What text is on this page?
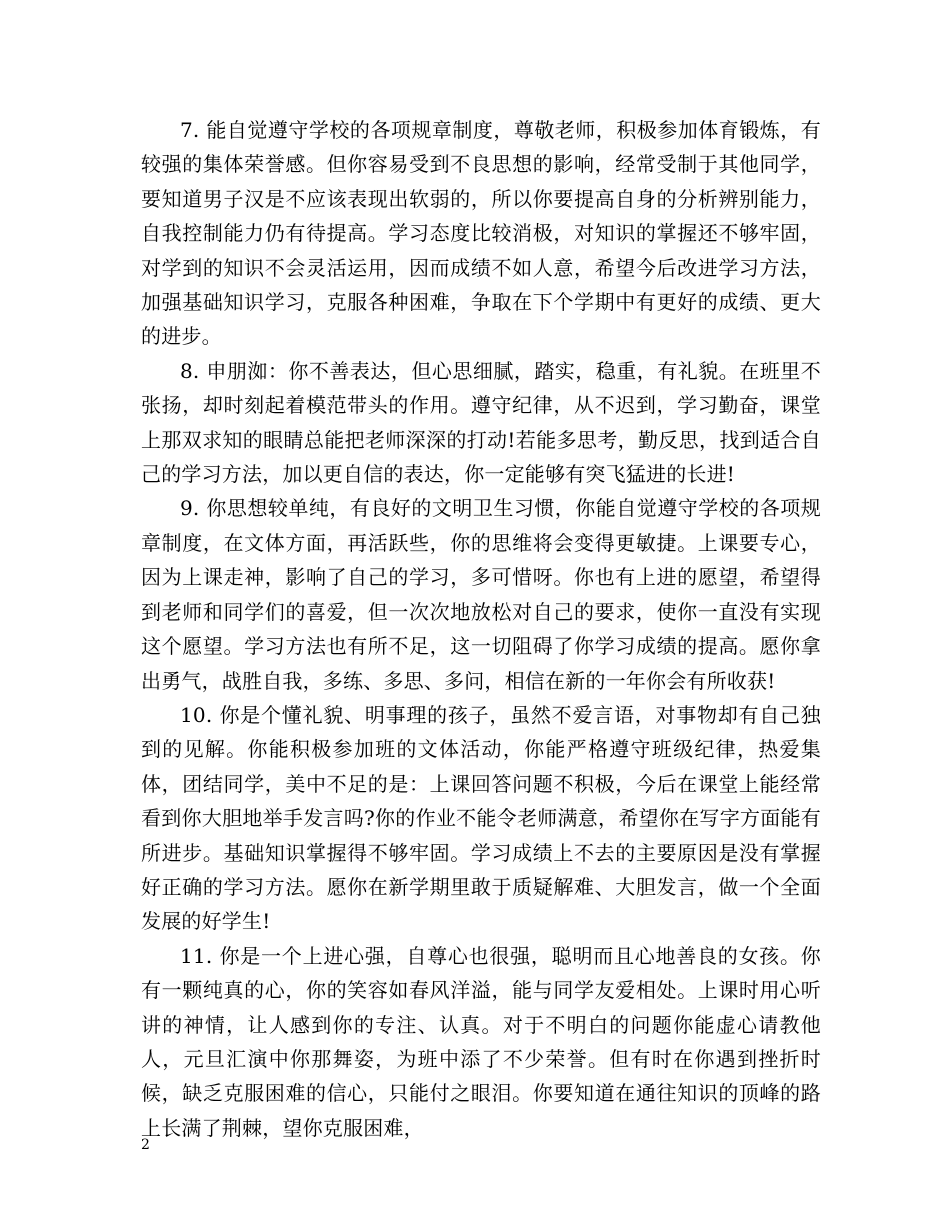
7. 能自觉遵守学校的各项规章制度，尊敬老师，积极参加体育锻炼，有较强的集体荣誉感。但你容易受到不良思想的影响，经常受制于其他同学，要知道男子汉是不应该表现出软弱的，所以你要提高自身的分析辨别能力，自我控制能力仍有待提高。学习态度比较消极，对知识的掌握还不够牢固，对学到的知识不会灵活运用，因而成绩不如人意，希望今后改进学习方法，加强基础知识学习，克服各种困难，争取在下个学期中有更好的成绩、更大的进步。

8. 申朋洳：你不善表达，但心思细腻，踏实，稳重，有礼貌。在班里不张扬，却时刻起着模范带头的作用。遵守纪律，从不迟到，学习勤奋，课堂上那双求知的眼睛总能把老师深深的打动!若能多思考，勤反思，找到适合自己的学习方法，加以更自信的表达，你一定能够有突飞猛进的长进!

9. 你思想较单纯，有良好的文明卫生习惯，你能自觉遵守学校的各项规章制度，在文体方面，再活跃些，你的思维将会变得更敏捷。上课要专心，因为上课走神，影响了自己的学习，多可惜呀。你也有上进的愿望，希望得到老师和同学们的喜爱，但一次次地放松对自己的要求，使你一直没有实现这个愿望。学习方法也有所不足，这一切阻碍了你学习成绩的提高。愿你拿出勇气，战胜自我，多练、多思、多问，相信在新的一年你会有所收获!

10. 你是个懂礼貌、明事理的孩子，虽然不爱言语，对事物却有自己独到的见解。你能积极参加班的文体活动，你能严格遵守班级纪律，热爱集体，团结同学，美中不足的是：上课回答问题不积极，今后在课堂上能经常看到你大胆地举手发言吗?你的作业不能令老师满意，希望你在写字方面能有所进步。基础知识掌握得不够牢固。学习成绩上不去的主要原因是没有掌握好正确的学习方法。愿你在新学期里敢于质疑解难、大胆发言，做一个全面发展的好学生!

11. 你是一个上进心强，自尊心也很强，聪明而且心地善良的女孩。你有一颗纯真的心，你的笑容如春风洋溢，能与同学友爱相处。上课时用心听讲的神情，让人感到你的专注、认真。对于不明白的问题你能虚心请教他人，元旦汇演中你那舞姿，为班中添了不少荣誉。但有时在你遇到挫折时候，缺乏克服困难的信心，只能付之眼泪。你要知道在通往知识的顶峰的路上长满了荆棘，望你克服困难，

2
